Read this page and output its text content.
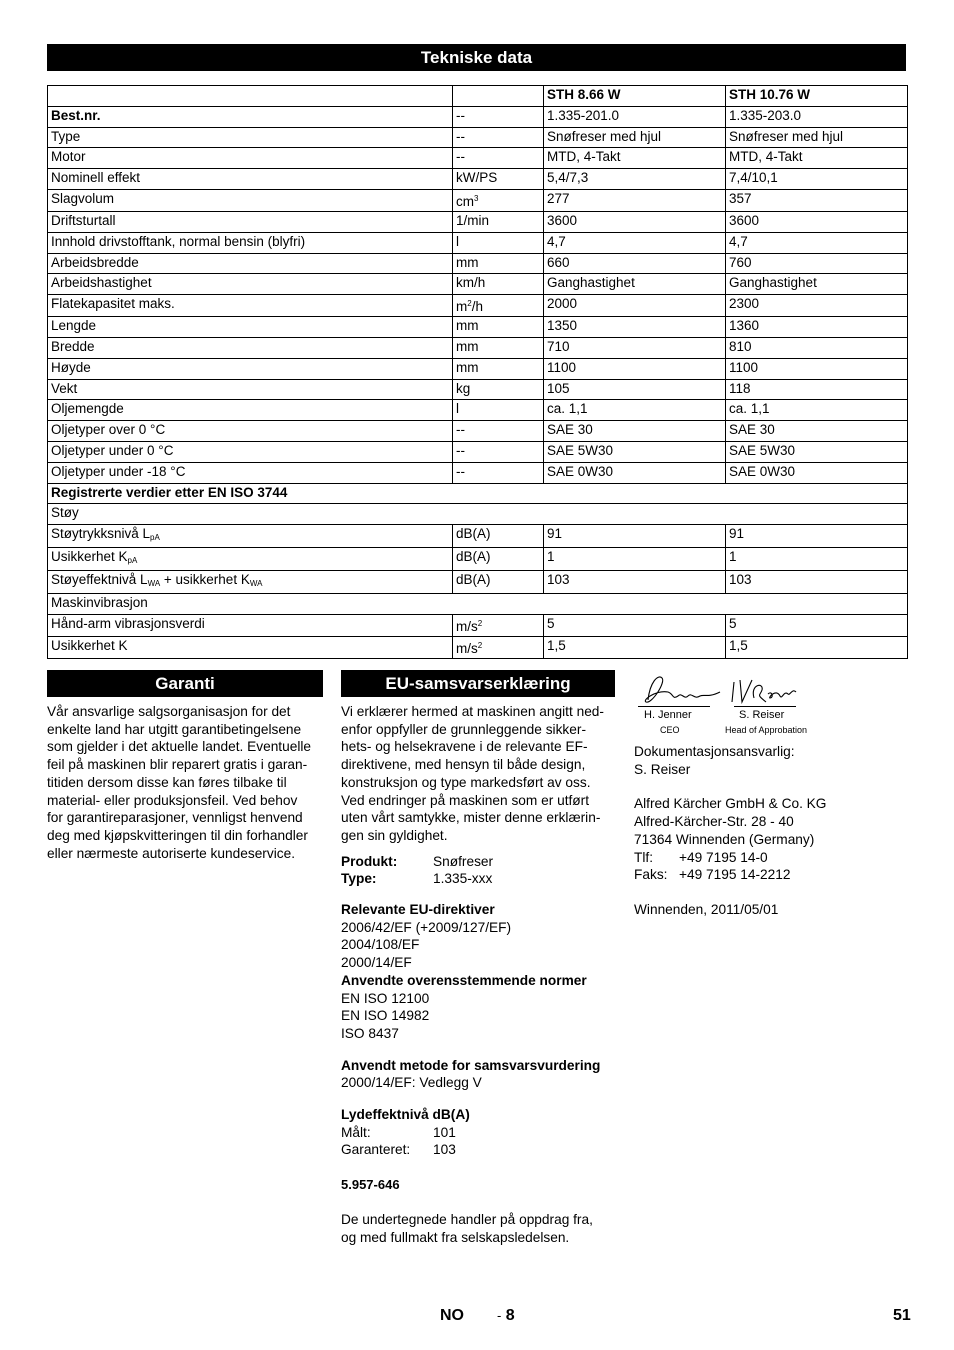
Tekniske data
		STH 8.66 W	STH 10.76 W
Best.nr.	--	1.335-201.0	1.335-203.0
Type	--	Snøfreser med hjul	Snøfreser med hjul
Motor	--	MTD, 4-Takt	MTD, 4-Takt
Nominell effekt	kW/PS	5,4/7,3	7,4/10,1
Slagvolum	$cm^3$	277	357
Driftsturtall	1/min	3600	3600
Innhold drivstofftank, normal bensin (blyfri)	l	4,7	4,7
Arbeidsbredde	mm	660	760
Arbeidshastighet	km/h	Ganghastighet	Ganghastighet
Flatekapasitet maks.	$m^2/h$	2000	2300
Lengde	mm	1350	1360
Bredde	mm	710	810
Høyde	mm	1100	1100
Vekt	kg	105	118
Oljemengde	l	ca. 1,1	ca. 1,1
Oljetyper over 0 °C	--	SAE 30	SAE 30
Oljetyper under 0 °C	--	SAE 5W30	SAE 5W30
Oljetyper under -18 °C	--	SAE 0W30	SAE 0W30
Registrerte verdier etter EN ISO 3744			
Støy			
Støytrykksnivå $L_{pA}$	dB(A)	91	91
Usikkerhet $K_{pA}$	dB(A)	1	1
Støyeffektnivå $L_{WA}$ + usikkerhet $K_{WA}$	dB(A)	103	103
Maskinvibrasjon			
Hånd-arm vibrasjonsverdi	$m/s^2$	5	5
Usikkerhet K	$m/s^2$	1,5	1,5
Garanti
Vår ansvarlige salgsorganisasjon for det
enkelte land har utgitt garantibetingelsene
som gjelder i det aktuelle landet. Eventuelle
feil på maskinen blir reparert gratis i garan-
titiden dersom disse kan føres tilbake til
material- eller produksjonsfeil. Ved behov
for garantireparasjoner, vennligst henvend
deg med kjøpskvitteringen til din forhandler
eller nærmeste autoriserte kundeservice.
EU-samsvarserklæring
Vi erklærer hermed at maskinen angitt ned-
enfor oppfyller de grunnleggende sikker-
hets- og helsekravene i de relevante EF-
direktivene, med hensyn til både design,
konstruksjon og type markedsført av oss.
Ved endringer på maskinen som er utført
uten vårt samtykke, mister denne erklærin-
gen sin gyldighet.
Produkt:	Snøfreser
Type:	1.335-xxx
Relevante EU-direktiver
2006/42/EF (+2009/127/EF)
2004/108/EF
2000/14/EF
Anvendte overensstemmende normer
EN ISO 12100
EN ISO 14982
ISO 8437
Anvendt metode for samsvarsvurdering
2000/14/EF: Vedlegg V
Lydeffektnivå dB(A)
Målt:	101
Garanteret:	103
5.957-646
De undertegnede handler på oppdrag fra,
og med fullmakt fra selskapsledelsen.
H. Jenner
CEO
S. Reiser
Head of Approbation
Dokumentasjonsansvarlig:
S. Reiser
Alfred Kärcher GmbH & Co. KG
Alfred-Kärcher-Str. 28 - 40
71364 Winnenden (Germany)
Tlf:	+49 7195 14-0
Faks: +49 7195 14-2212
Winnenden, 2011/05/01
NO	- 8	51
